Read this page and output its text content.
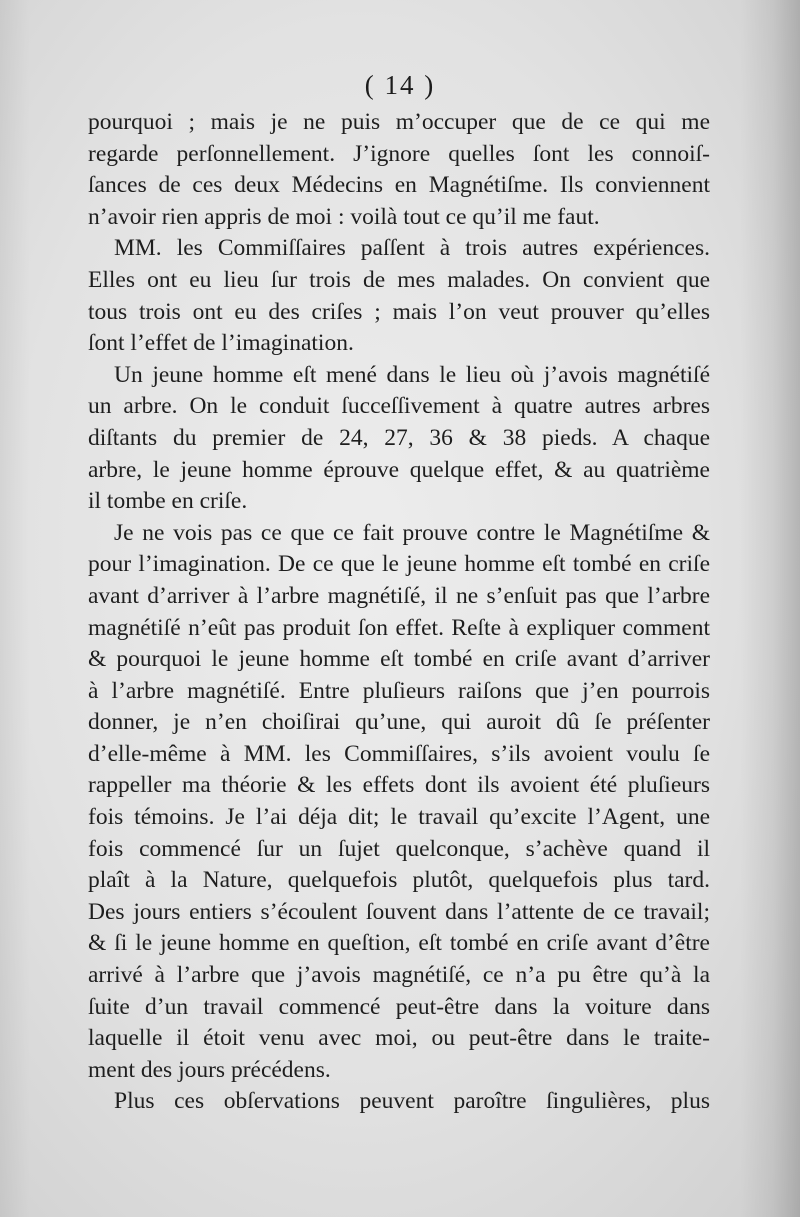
( 14 )
pourquoi ; mais je ne puis m’occuper que de ce qui me
regarde perſonnellement. J’ignore quelles ſont les connoiſ-
ſances de ces deux Médecins en Magnétiſme. Ils conviennent
n’avoir rien appris de moi : voilà tout ce qu’il me faut.
MM. les Commiſſaires paſſent à trois autres expériences.
Elles ont eu lieu ſur trois de mes malades. On convient que
tous trois ont eu des criſes ; mais l’on veut prouver qu’elles
ſont l’effet de l’imagination.
Un jeune homme eſt mené dans le lieu où j’avois magnétiſé
un arbre. On le conduit ſucceſſivement à quatre autres arbres
diſtants du premier de 24, 27, 36 & 38 pieds. A chaque
arbre, le jeune homme éprouve quelque effet, & au quatrième
il tombe en criſe.
Je ne vois pas ce que ce fait prouve contre le Magnétiſme &
pour l’imagination. De ce que le jeune homme eſt tombé en criſe
avant d’arriver à l’arbre magnétiſé, il ne s’enſuit pas que l’arbre
magnétiſé n’eût pas produit ſon effet. Reſte à expliquer comment
& pourquoi le jeune homme eſt tombé en criſe avant d’arriver
à l’arbre magnétiſé. Entre pluſieurs raiſons que j’en pourrois
donner, je n’en choiſirai qu’une, qui auroit dû ſe préſenter
d’elle-même à MM. les Commiſſaires, s’ils avoient voulu ſe
rappeller ma théorie & les effets dont ils avoient été pluſieurs
fois témoins. Je l’ai déja dit; le travail qu’excite l’Agent, une
fois commencé ſur un ſujet quelconque, s’achève quand il
plaît à la Nature, quelquefois plutôt, quelquefois plus tard.
Des jours entiers s’écoulent ſouvent dans l’attente de ce travail;
& ſi le jeune homme en queſtion, eſt tombé en criſe avant d’être
arrivé à l’arbre que j’avois magnétiſé, ce n’a pu être qu’à la
ſuite d’un travail commencé peut-être dans la voiture dans
laquelle il étoit venu avec moi, ou peut-être dans le traite-
ment des jours précédens.
Plus ces obſervations peuvent paroître ſingulières, plus
